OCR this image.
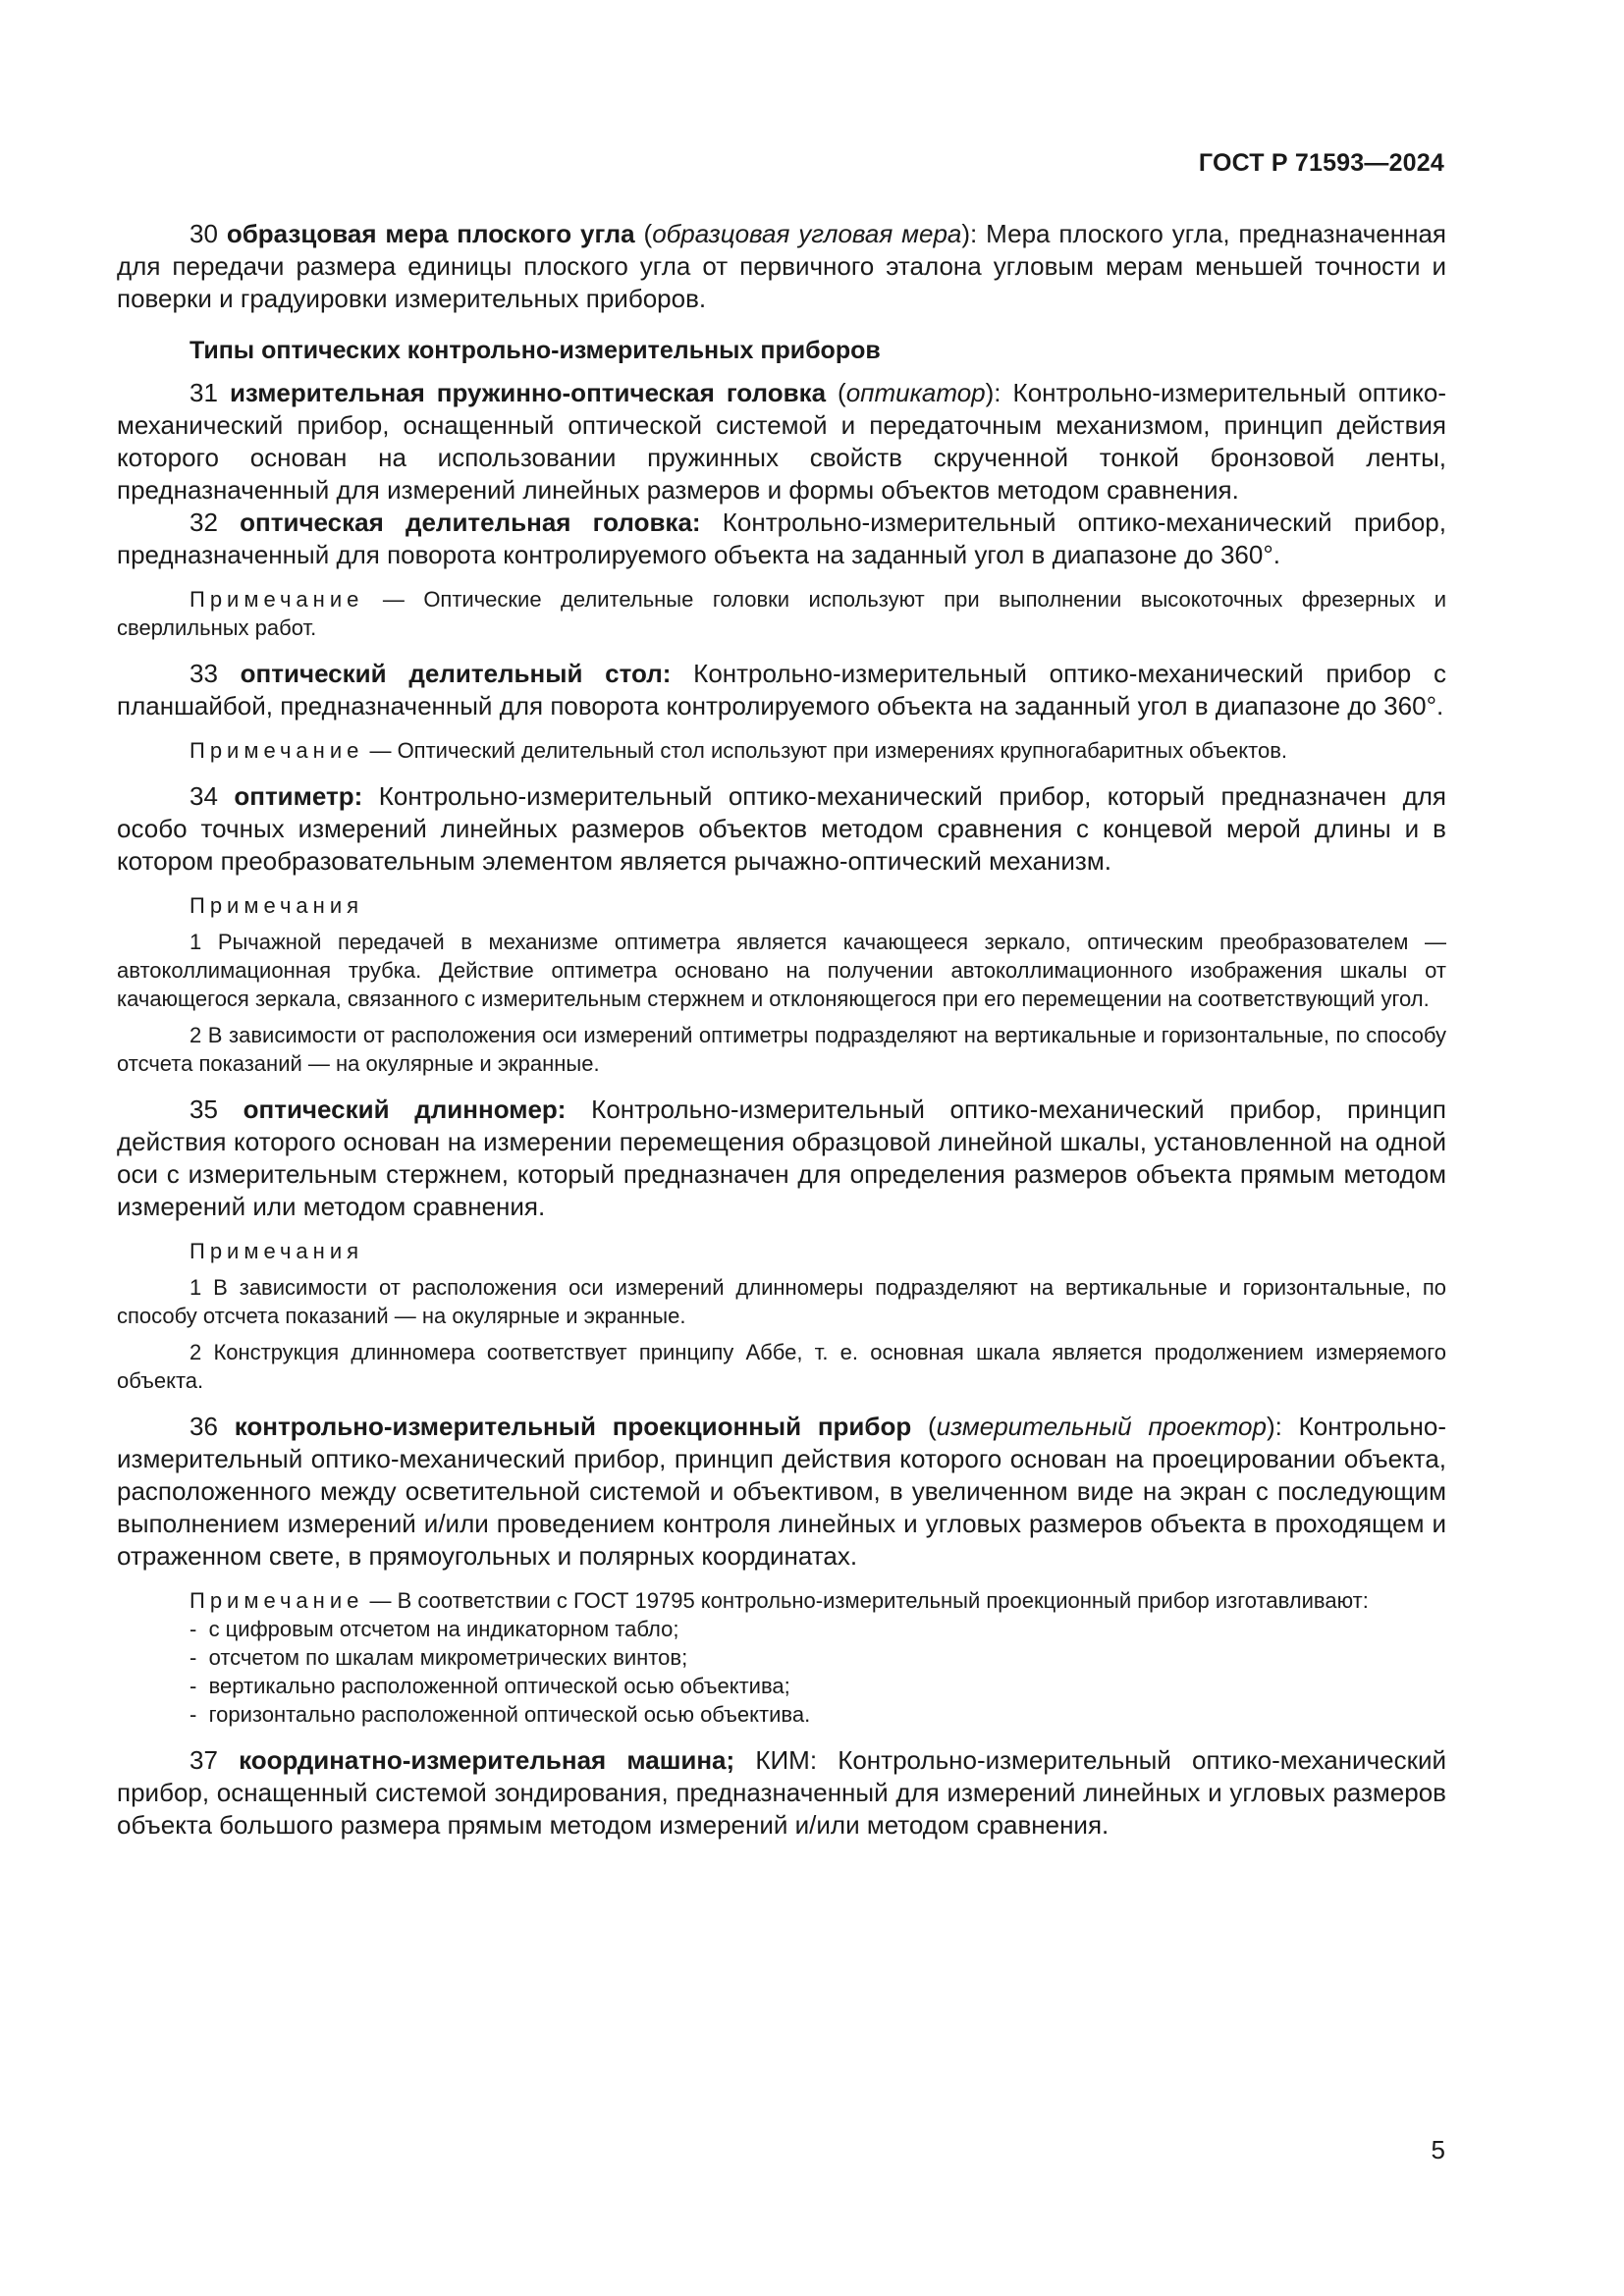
ГОСТ Р 71593—2024

30 образцовая мера плоского угла (образцовая угловая мера): Мера плоского угла, предназначенная для передачи размера единицы плоского угла от первичного эталона угловым мерам меньшей точности и поверки и градуировки измерительных приборов.

Типы оптических контрольно-измерительных приборов

31 измерительная пружинно-оптическая головка (оптикатор): Контрольно-измерительный оптико-механический прибор, оснащенный оптической системой и передаточным механизмом, принцип действия которого основан на использовании пружинных свойств скрученной тонкой бронзовой ленты, предназначенный для измерений линейных размеров и формы объектов методом сравнения.

32 оптическая делительная головка: Контрольно-измерительный оптико-механический прибор, предназначенный для поворота контролируемого объекта на заданный угол в диапазоне до 360°.

Примечание — Оптические делительные головки используют при выполнении высокоточных фрезерных и сверлильных работ.

33 оптический делительный стол: Контрольно-измерительный оптико-механический прибор с планшайбой, предназначенный для поворота контролируемого объекта на заданный угол в диапазоне до 360°.

Примечание — Оптический делительный стол используют при измерениях крупногабаритных объектов.

34 оптиметр: Контрольно-измерительный оптико-механический прибор, который предназначен для особо точных измерений линейных размеров объектов методом сравнения с концевой мерой длины и в котором преобразовательным элементом является рычажно-оптический механизм.

Примечания

1 Рычажной передачей в механизме оптиметра является качающееся зеркало, оптическим преобразователем — автоколлимационная трубка. Действие оптиметра основано на получении автоколлимационного изображения шкалы от качающегося зеркала, связанного с измерительным стержнем и отклоняющегося при его перемещении на соответствующий угол.

2 В зависимости от расположения оси измерений оптиметры подразделяют на вертикальные и горизонтальные, по способу отсчета показаний — на окулярные и экранные.

35 оптический длинномер: Контрольно-измерительный оптико-механический прибор, принцип действия которого основан на измерении перемещения образцовой линейной шкалы, установленной на одной оси с измерительным стержнем, который предназначен для определения размеров объекта прямым методом измерений или методом сравнения.

Примечания

1 В зависимости от расположения оси измерений длинномеры подразделяют на вертикальные и горизонтальные, по способу отсчета показаний — на окулярные и экранные.

2 Конструкция длинномера соответствует принципу Аббе, т. е. основная шкала является продолжением измеряемого объекта.

36 контрольно-измерительный проекционный прибор (измерительный проектор): Контрольно-измерительный оптико-механический прибор, принцип действия которого основан на проецировании объекта, расположенного между осветительной системой и объективом, в увеличенном виде на экран с последующим выполнением измерений и/или проведением контроля линейных и угловых размеров объекта в проходящем и отраженном свете, в прямоугольных и полярных координатах.

Примечание — В соответствии с ГОСТ 19795 контрольно-измерительный проекционный прибор изготавливают:

-  с цифровым отсчетом на индикаторном табло;
-  отсчетом по шкалам микрометрических винтов;
-  вертикально расположенной оптической осью объектива;
-  горизонтально расположенной оптической осью объектива.

37 координатно-измерительная машина; КИМ: Контрольно-измерительный оптико-механический прибор, оснащенный системой зондирования, предназначенный для измерений линейных и угловых размеров объекта большого размера прямым методом измерений и/или методом сравнения.

5
